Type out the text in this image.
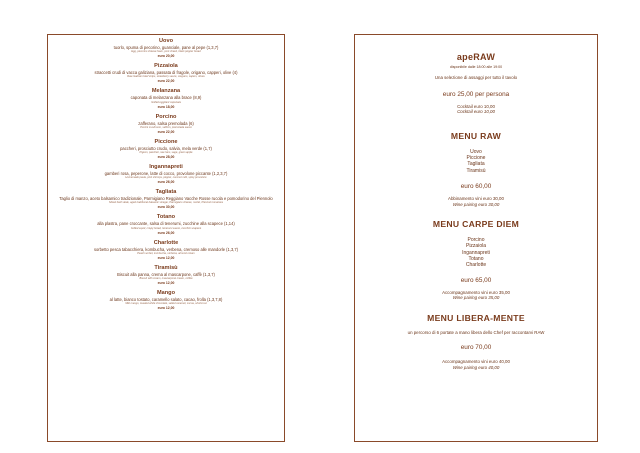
Uovo
tuorlo, spuma di pecorino, guanciale, pane al pepe (1,3,7)
Egg, pecorino cheese foam, pork cheek, black pepper bread
euro 20,00
Pizzaiola
straccetti crudi di vacca galiziana, passata di fragole, origano, capperi, olive (4)
Raw Galician beef strips, strawberry sauce, oregano, capers, olives
euro 22,00
Melanzana
caponata di melanzana alla brace (8,9)
Grilled eggplant caponata
euro 18,00
Porcino
zafferano, salsa premolada (6)
Porcini mushroom, saffron, premolada sauce
euro 22,00
Piccione
paccheri, prosciutto crudo, salvia, mela verde (1,7)
Pigeon, paccheri, raw ham, sage, green apple
euro 28,00
Ingannapreti
gamberi rosa, peperone, latte di cocco, provolone piccante (1,2,3,7)
Homemade pasta, pink shrimps, pepper, coconut milk, spicy provolone
euro 26,00
Tagliata
Taglio di manzo, aceto balsamico tradizionale, Parmigiano Reggiano Vacche Rosse rucola e pomodorino del Piennolo
Sliced beef steak, aged traditional balsamic vinegar, Parmigiano cheese, rocket, Piennolo tomatoes
euro 30,00
Totano
alla plastra, pane croccante, salsa di tenerumi, zucchine alla scapece (1,14)
Grilled squid, crispy bread, tenerumi sauce, zucchini scapece
euro 26,00
Charlotte
sorbetto pesca tabacchiera, kombucha, verbena, cremoso alle mandorle (1,3,7)
Peach sorbet, kombucha, verbena, almond cream
euro 12,00
Tiramisù
Biscuit alla panna, crema al mascarpone, caffè (1,3,7)
Biscuit with cream, mascarpone cream, coffee
euro 12,00
Mango
al latte, bianco tostato, caramello salato, cacao, frolla (1,3,7,8)
Milk mango, toasted white chocolate, salted caramel, cocoa, shortcrust
euro 12,00
apeRAW
disponibile dalle 18:00 alle 19:00
Una selezione di assaggi per tutto il tavolo
euro 25,00 per persona
Cocktail euro 10,00
Cocktail euro 10,00
MENU RAW
Uovo
Piccione
Tagliata
Tiramisù
euro 60,00
Abbinamento vini euro 30,00
Wine pairing euro 30,00
MENU CARPE DIEM
Porcino
Pizzaiola
Ingannapreti
Totano
Charlotte
euro 65,00
Accompagnamento vini euro 35,00
Wine pairing euro 35,00
MENU LIBERA-MENTE
un percorso di 6 portate a mano libera dello Chef per raccontarvi RAW
euro 70,00
Accompagnamento vini euro 40,00
Wine pairing euro 40,00
